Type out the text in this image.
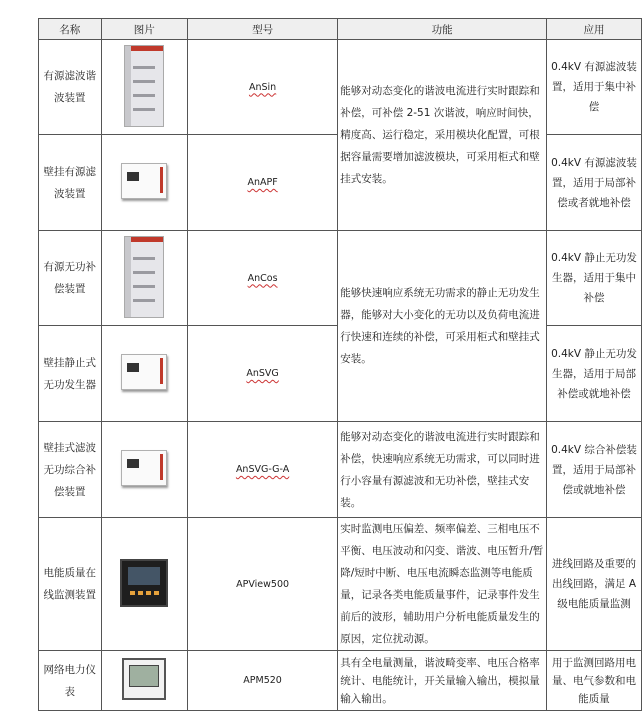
名称	图片	型号	功能	应用
有源滤波谐波装置		AnSin	能够对动态变化的谐波电流进行实时跟踪和补偿，可补偿 2-51 次谐波，响应时间快，精度高、运行稳定，采用模块化配置，可根据容量需要增加滤波模块，可采用柜式和壁挂式安装。	0.4kV 有源滤波装置，适用于集中补偿
壁挂有源滤波装置		AnAPF		0.4kV 有源滤波装置，适用于局部补偿或者就地补偿
有源无功补偿装置		AnCos	能够快速响应系统无功需求的静止无功发生器，能够对大小变化的无功以及负荷电流进行快速和连续的补偿，可采用柜式和壁挂式安装。	0.4kV 静止无功发生器，适用于集中补偿
壁挂静止式无功发生器		AnSVG		0.4kV 静止无功发生器，适用于局部补偿或就地补偿
壁挂式滤波无功综合补偿装置		AnSVG-G-A	能够对动态变化的谐波电流进行实时跟踪和补偿，快速响应系统无功需求，可以同时进行小容量有源滤波和无功补偿，壁挂式安装。	0.4kV 综合补偿装置，适用于局部补偿或就地补偿
电能质量在线监测装置		APView500	实时监测电压偏差、频率偏差、三相电压不平衡、电压波动和闪变、谐波、电压暂升/暂降/短时中断、电压电流瞬态监测等电能质量，记录各类电能质量事件，记录事件发生前后的波形，辅助用户分析电能质量发生的原因，定位扰动源。	进线回路及重要的出线回路，满足 A 级电能质量监测
网络电力仪表		APM520	具有全电量测量，谐波畸变率、电压合格率统计、电能统计，开关量输入输出，模拟量输入输出。	用于监测回路用电量、电气参数和电能质量
